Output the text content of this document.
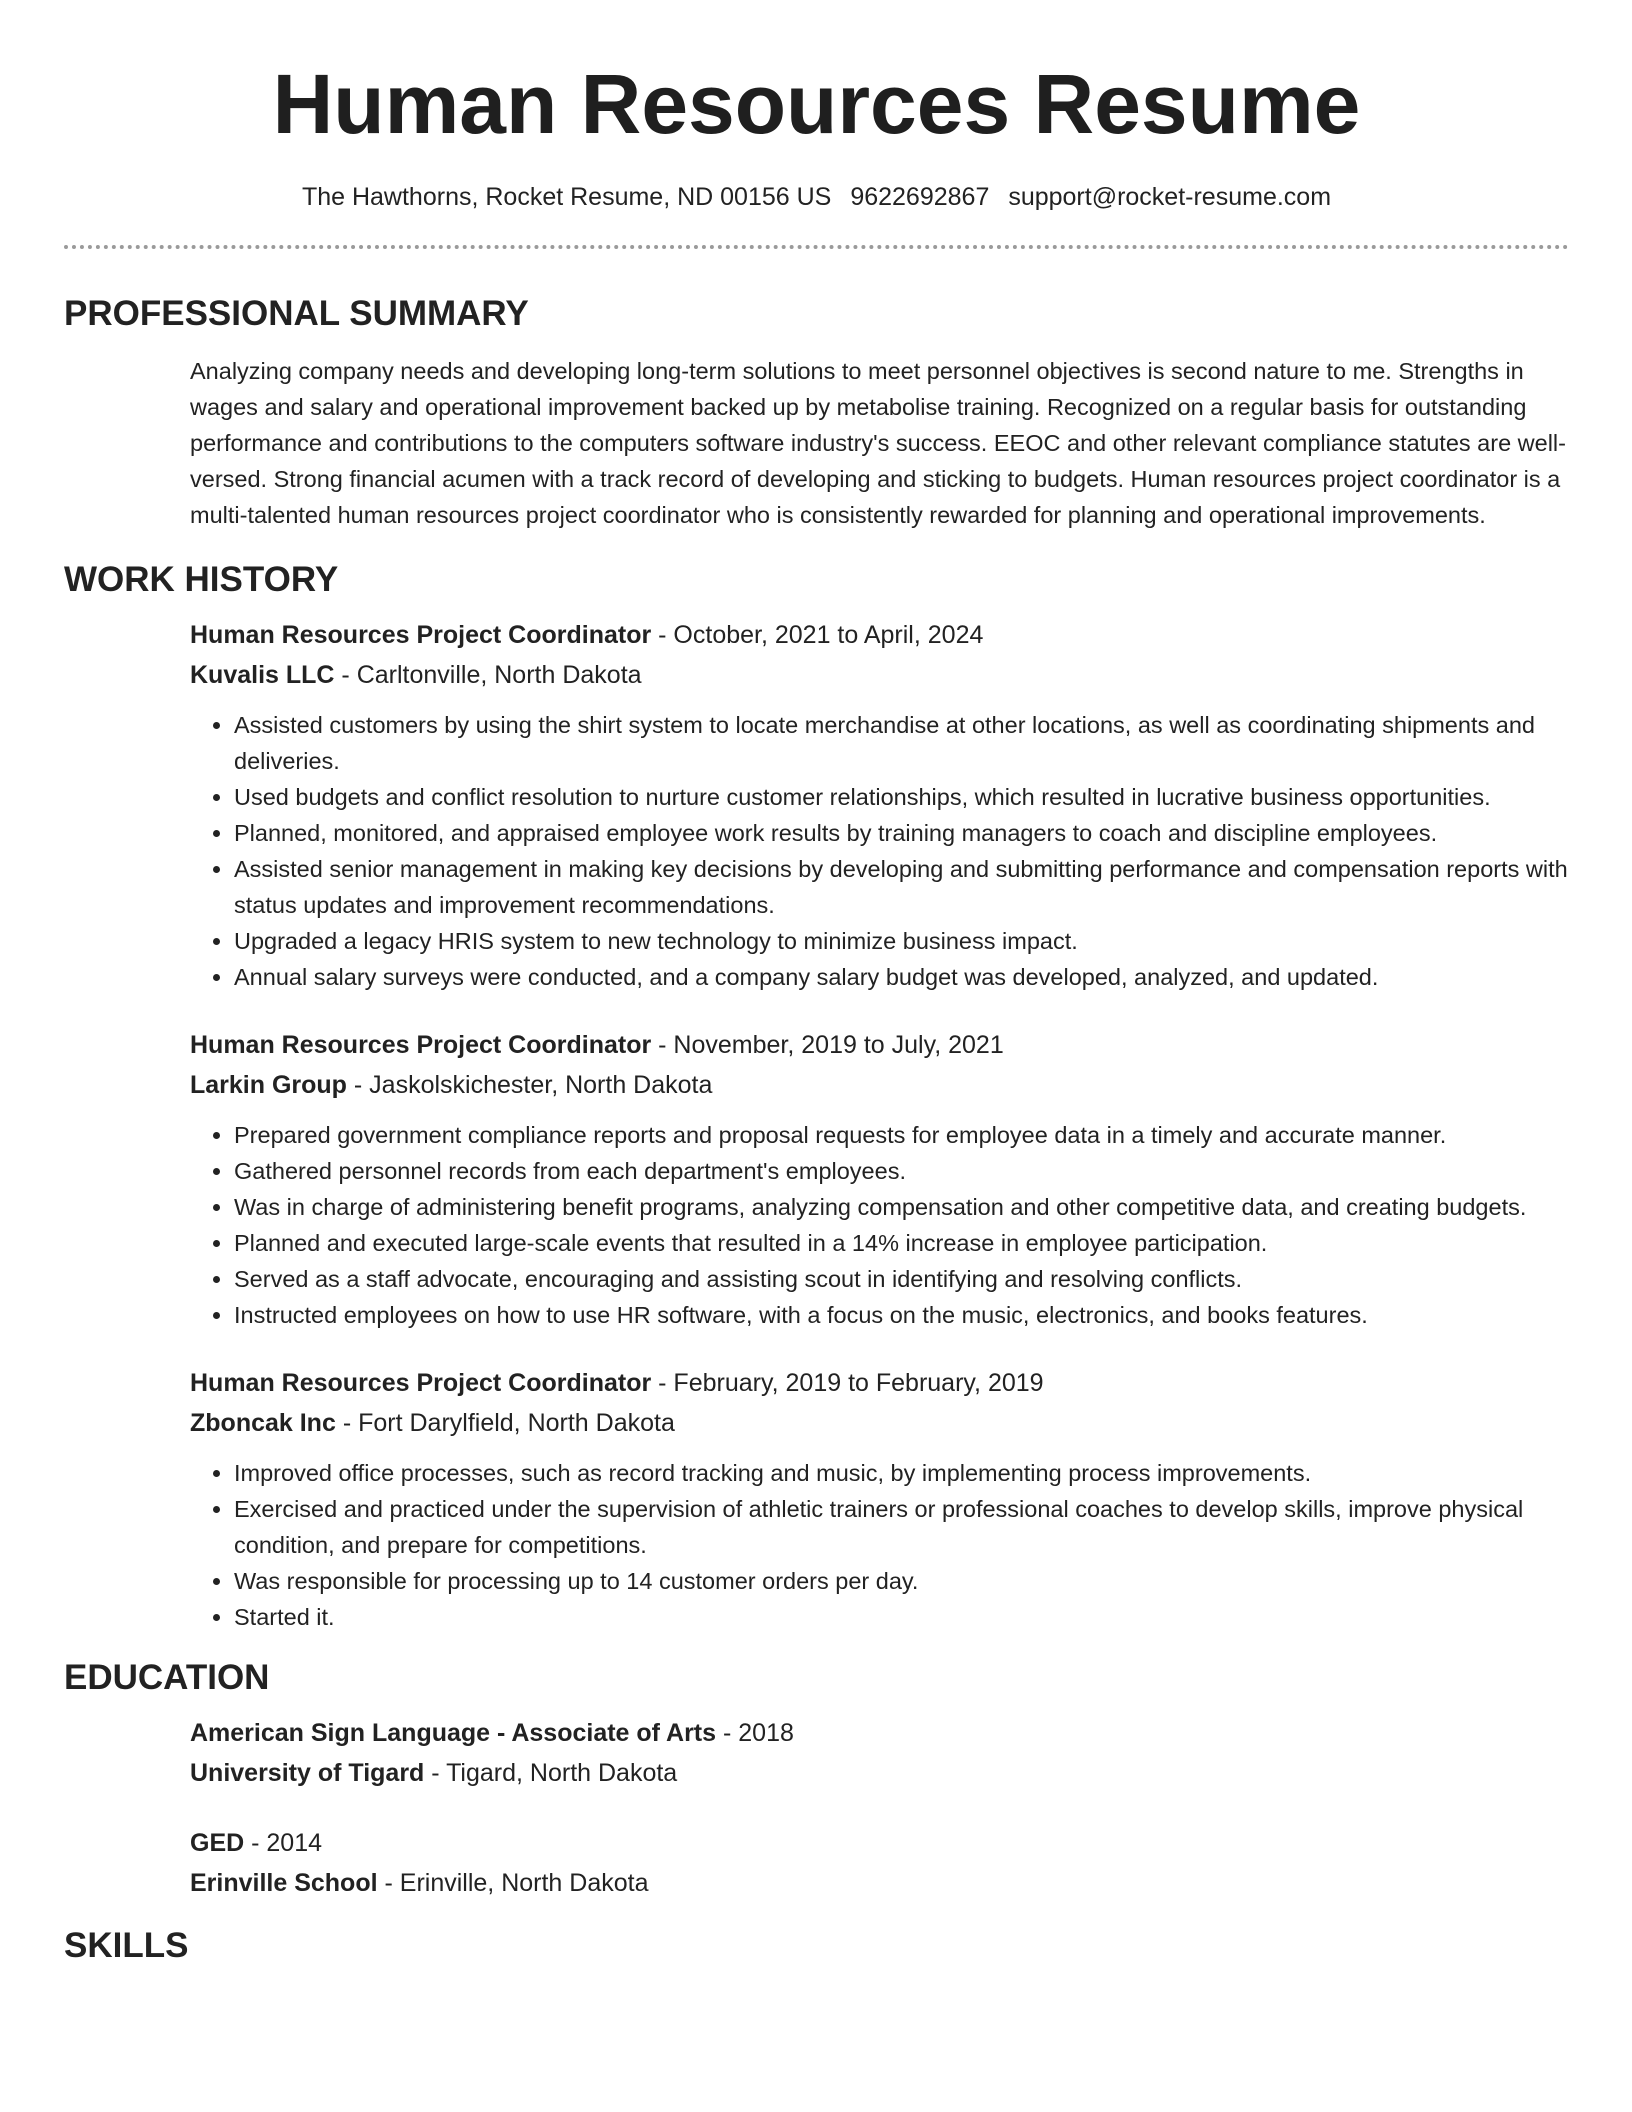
Human Resources Resume
The Hawthorns, Rocket Resume, ND 00156 US 9622692867 support@rocket-resume.com
PROFESSIONAL SUMMARY

Analyzing company needs and developing long-term solutions to meet personnel objectives is second nature to me. Strengths in wages and salary and operational improvement backed up by metabolise training. Recognized on a regular basis for outstanding performance and contributions to the computers software industry's success. EEOC and other relevant compliance statutes are well-versed. Strong financial acumen with a track record of developing and sticking to budgets. Human resources project coordinator is a multi-talented human resources project coordinator who is consistently rewarded for planning and operational improvements.

WORK HISTORY
Human Resources Project Coordinator - October, 2021 to April, 2024
Kuvalis LLC - Carltonville, North Dakota
• Assisted customers by using the shirt system to locate merchandise at other locations, as well as coordinating shipments and deliveries.
• Used budgets and conflict resolution to nurture customer relationships, which resulted in lucrative business opportunities.
• Planned, monitored, and appraised employee work results by training managers to coach and discipline employees.
• Assisted senior management in making key decisions by developing and submitting performance and compensation reports with status updates and improvement recommendations.
• Upgraded a legacy HRIS system to new technology to minimize business impact.
• Annual salary surveys were conducted, and a company salary budget was developed, analyzed, and updated.
Human Resources Project Coordinator - November, 2019 to July, 2021
Larkin Group - Jaskolskichester, North Dakota
• Prepared government compliance reports and proposal requests for employee data in a timely and accurate manner.
• Gathered personnel records from each department's employees.
• Was in charge of administering benefit programs, analyzing compensation and other competitive data, and creating budgets.
• Planned and executed large-scale events that resulted in a 14% increase in employee participation.
• Served as a staff advocate, encouraging and assisting scout in identifying and resolving conflicts.
• Instructed employees on how to use HR software, with a focus on the music, electronics, and books features.
Human Resources Project Coordinator - February, 2019 to February, 2019
Zboncak Inc - Fort Darylfield, North Dakota
• Improved office processes, such as record tracking and music, by implementing process improvements.
• Exercised and practiced under the supervision of athletic trainers or professional coaches to develop skills, improve physical condition, and prepare for competitions.
• Was responsible for processing up to 14 customer orders per day.
• Started it.
EDUCATION
American Sign Language - Associate of Arts - 2018
University of Tigard - Tigard, North Dakota
GED - 2014
Erinville School - Erinville, North Dakota
SKILLS
